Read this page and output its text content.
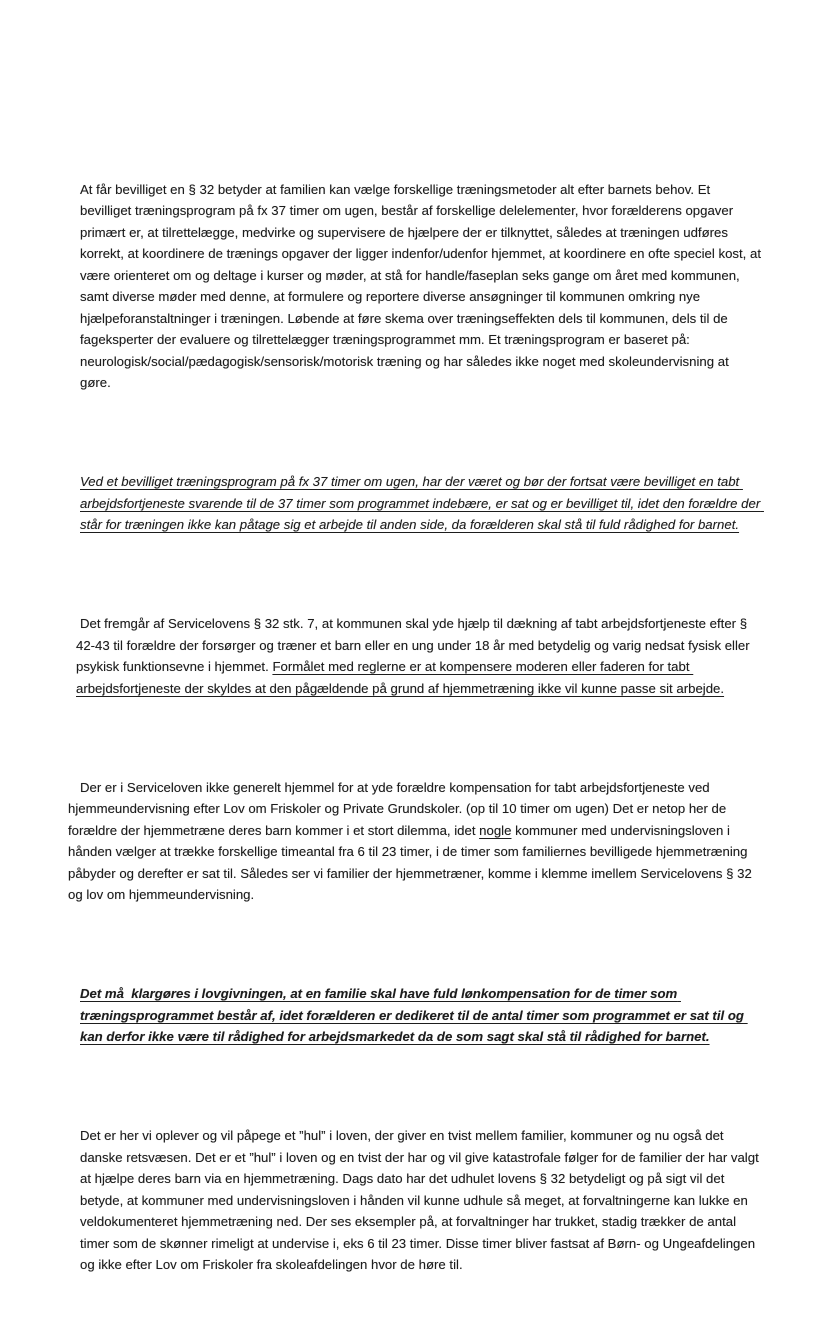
At får bevilliget en § 32 betyder at familien kan vælge forskellige træningsmetoder alt efter barnets behov. Et bevilliget træningsprogram på fx 37 timer om ugen, består af forskellige delelementer, hvor forælderens opgaver primært er, at tilrettelægge, medvirke og supervisere de hjælpere der er tilknyttet, således at træningen udføres korrekt, at koordinere de trænings opgaver der ligger indenfor/udenfor hjemmet, at koordinere en ofte speciel kost, at være orienteret om og deltage i kurser og møder, at stå for handle/faseplan seks gange om året med kommunen, samt diverse møder med denne, at formulere og reportere diverse ansøgninger til kommunen omkring nye hjælpeforanstaltninger i træningen. Løbende at føre skema over træningseffekten dels til kommunen, dels til de fageksperter der evaluere og tilrettelægger træningsprogrammet mm. Et træningsprogram er baseret på: neurologisk/social/pædagogisk/sensorisk/motorisk træning og har således ikke noget med skoleundervisning at gøre.

Ved et bevilliget træningsprogram på fx 37 timer om ugen, har der været og bør der fortsat være bevilliget en tabt arbejdsfortjeneste svarende til de 37 timer som programmet indebære, er sat og er bevilliget til, idet den forældre der står for træningen ikke kan påtage sig et arbejde til anden side, da forælderen skal stå til fuld rådighed for barnet.

Det fremgår af Servicelovens § 32 stk. 7, at kommunen skal yde hjælp til dækning af tabt arbejdsfortjeneste efter § 42-43 til forældre der forsørger og træner et barn eller en ung under 18 år med betydelig og varig nedsat fysisk eller psykisk funktionsevne i hjemmet. Formålet med reglerne er at kompensere moderen eller faderen for tabt arbejdsfortjeneste der skyldes at den pågældende på grund af hjemmetræning ikke vil kunne passe sit arbejde.

Der er i Serviceloven ikke generelt hjemmel for at yde forældre kompensation for tabt arbejdsfortjeneste ved hjemmeundervisning efter Lov om Friskoler og Private Grundskoler. (op til 10 timer om ugen) Det er netop her de forældre der hjemmetræne deres barn kommer i et stort dilemma, idet nogle kommuner med undervisningsloven i hånden vælger at trække forskellige timeantal fra 6 til 23 timer, i de timer som familiernes bevilligede hjemmetræning påbyder og derefter er sat til. Således ser vi familier der hjemmetræner, komme i klemme imellem Servicelovens § 32 og lov om hjemmeundervisning.

Det må  klargøres i lovgivningen, at en familie skal have fuld lønkompensation for de timer som træningsprogrammet består af, idet forælderen er dedikeret til de antal timer som programmet er sat til og kan derfor ikke være til rådighed for arbejdsmarkedet da de som sagt skal stå til rådighed for barnet.

Det er her vi oplever og vil påpege et ”hul” i loven, der giver en tvist mellem familier, kommuner og nu også det danske retsvæsen. Det er et ”hul” i loven og en tvist der har og vil give katastrofale følger for de familier der har valgt at hjælpe deres barn via en hjemmetræning. Dags dato har det udhulet lovens § 32 betydeligt og på sigt vil det betyde, at kommuner med undervisningsloven i hånden vil kunne udhule så meget, at forvaltningerne kan lukke en veldokumenteret hjemmetræning ned. Der ses eksempler på, at forvaltninger har trukket, stadig trækker de antal timer som de skønner rimeligt at undervise i, eks 6 til 23 timer. Disse timer bliver fastsat af Børn- og Ungeafdelingen og ikke efter Lov om Friskoler fra skoleafdelingen hvor de høre til.
